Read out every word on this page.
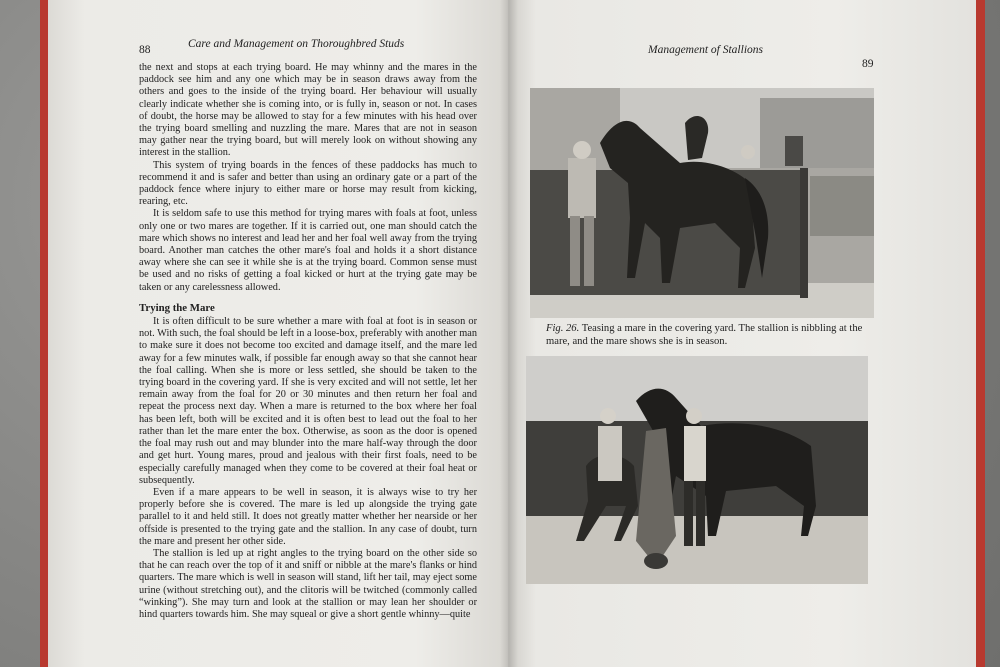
88	Care and Management on Thoroughbred Studs

the next and stops at each trying board. He may whinny and the mares in the paddock see him and any one which may be in season draws away from the others and goes to the inside of the trying board. Her behaviour will usually clearly indicate whether she is coming into, or is fully in, season or not. In cases of doubt, the horse may be allowed to stay for a few minutes with his head over the trying board smelling and nuzzling the mare. Mares that are not in season may gather near the trying board, but will merely look on without showing any interest in the stallion.

This system of trying boards in the fences of these paddocks has much to recommend it and is safer and better than using an ordinary gate or a part of the paddock fence where injury to either mare or horse may result from kicking, rearing, etc.

It is seldom safe to use this method for trying mares with foals at foot, unless only one or two mares are together. If it is carried out, one man should catch the mare which shows no interest and lead her and her foal well away from the trying board. Another man catches the other mare's foal and holds it a short distance away where she can see it while she is at the trying board. Common sense must be used and no risks of getting a foal kicked or hurt at the trying gate may be taken or any carelessness allowed.

Trying the Mare

It is often difficult to be sure whether a mare with foal at foot is in season or not. With such, the foal should be left in a loose-box, preferably with another man to make sure it does not become too excited and damage itself, and the mare led away for a few minutes walk, if possible far enough away so that she cannot hear the foal calling. When she is more or less settled, she should be taken to the trying board in the covering yard. If she is very excited and will not settle, let her remain away from the foal for 20 or 30 minutes and then return her foal and repeat the process next day. When a mare is returned to the box where her foal has been left, both will be excited and it is often best to lead out the foal to her rather than let the mare enter the box. Otherwise, as soon as the door is opened the foal may rush out and may blunder into the mare half-way through the door and get hurt. Young mares, proud and jealous with their first foals, need to be especially carefully managed when they come to be covered at their foal heat or subsequently.

Even if a mare appears to be well in season, it is always wise to try her properly before she is covered. The mare is led up alongside the trying gate parallel to it and held still. It does not greatly matter whether her nearside or her offside is presented to the trying gate and the stallion. In any case of doubt, turn the mare and present her other side.

The stallion is led up at right angles to the trying board on the other side so that he can reach over the top of it and sniff or nibble at the mare's flanks or hind quarters. The mare which is well in season will stand, lift her tail, may eject some urine (without stretching out), and the clitoris will be twitched (commonly called “winking”). She may turn and look at the stallion or may lean her shoulder or hind quarters towards him. She may squeal or give a short gentle whinny—quite

Management of Stallions
89
Fig. 26. Teasing a mare in the covering yard. The stallion is nibbling at the mare, and the mare shows she is in season.
